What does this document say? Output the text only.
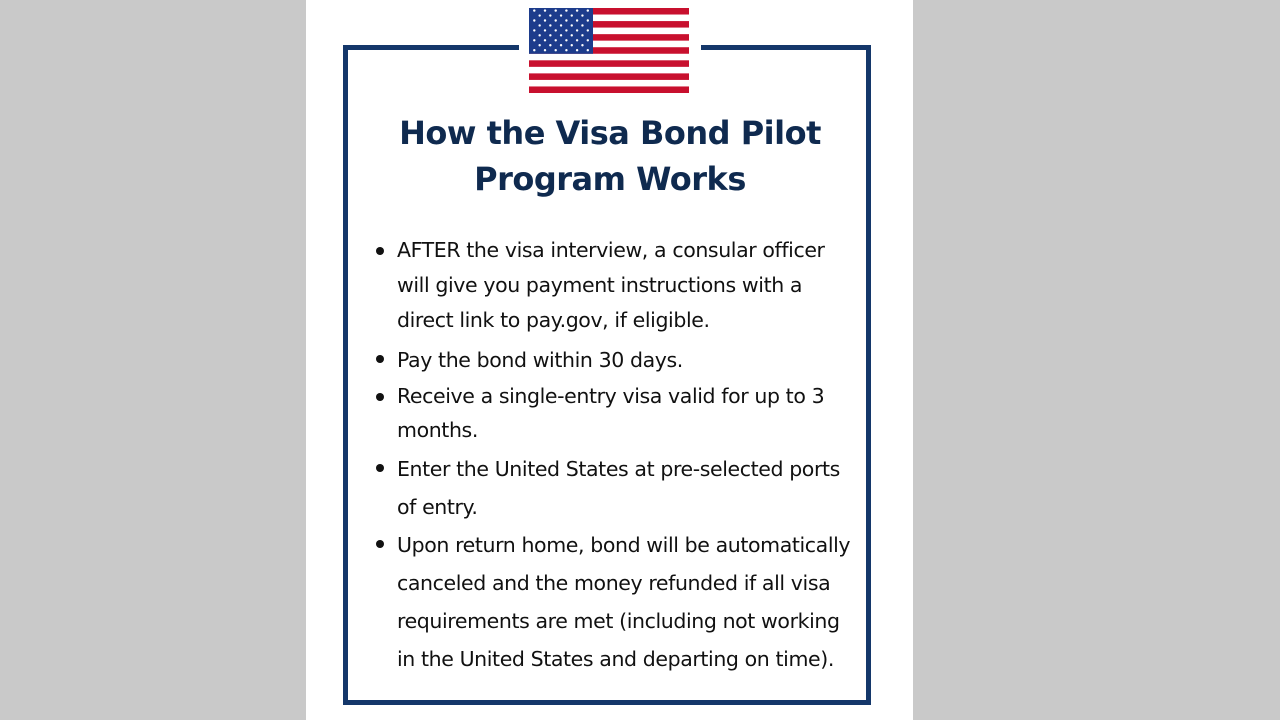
How the Visa Bond Pilot
Program Works
AFTER the visa interview, a consular officer
will give you payment instructions with a
direct link to pay.gov, if eligible.
Pay the bond within 30 days.
Receive a single-entry visa valid for up to 3
months.
Enter the United States at pre-selected ports
of entry.
Upon return home, bond will be automatically
canceled and the money refunded if all visa
requirements are met (including not working
in the United States and departing on time).
